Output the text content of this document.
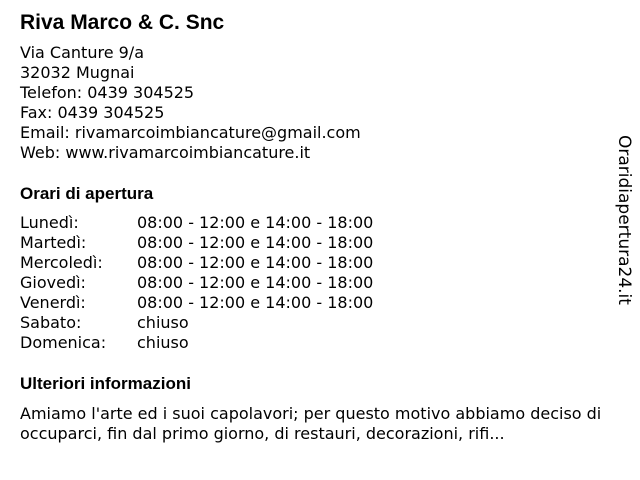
Riva Marco & C. Snc
Via Canture 9/a
32032 Mugnai
Telefon: 0439 304525
Fax: 0439 304525
Email: rivamarcoimbiancature@gmail.com
Web: www.rivamarcoimbiancature.it
Orari di apertura
Lunedì:	08:00 - 12:00 e 14:00 - 18:00
Martedì:	08:00 - 12:00 e 14:00 - 18:00
Mercoledì: 08:00 - 12:00 e 14:00 - 18:00
Giovedì:	08:00 - 12:00 e 14:00 - 18:00
Venerdì:	08:00 - 12:00 e 14:00 - 18:00
Sabato:	chiuso
Domenica: chiuso
Ulteriori informazioni
Amiamo l'arte ed i suoi capolavori; per questo motivo abbiamo deciso di occuparci, fin dal primo giorno, di restauri, decorazioni, rifi...
Oraridiapertura24.it
